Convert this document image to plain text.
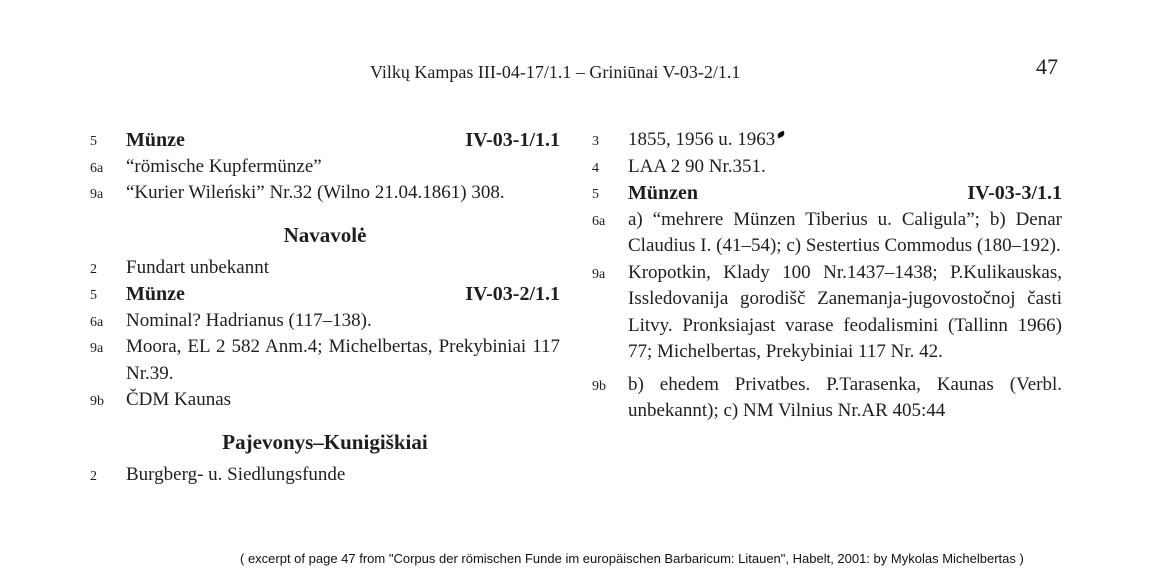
Vilkų Kampas III-04-17/1.1 – Griniūnai V-03-2/1.1	47
5	Münze	IV-03-1/1.1
6a	“römische Kupfermünze”
9a	“Kurier Wileński” Nr.32 (Wilno 21.04.1861) 308.
Navavolė
2	Fundart unbekannt
5	Münze	IV-03-2/1.1
6a	Nominal? Hadrianus (117–138).
9a	Moora, EL 2 582 Anm.4; Michelbertas, Prekybiniai 117 Nr.39.
9b	ČDM Kaunas
Pajevonys–Kunigiškiai
2	Burgberg- u. Siedlungsfunde
3	1855, 1956 u. 1963
4	LAA 2 90 Nr.351.
5	Münzen	IV-03-3/1.1
6a	a) “mehrere Münzen Tiberius u. Caligula”; b) Denar Claudius I. (41–54); c) Sestertius Commodus (180–192).
9a	Kropotkin, Klady 100 Nr.1437–1438; P.Kulikauskas, Issledovanija gorodišč Zanemanja-jugovostočnoj časti Litvy. Pronksiajast varase feodalismini (Tallinn 1966) 77; Michelbertas, Prekybiniai 117 Nr. 42.
9b	b) ehedem Privatbes. P.Tarasenka, Kaunas (Verbl. unbekannt); c) NM Vilnius Nr.AR 405:44
( excerpt of page 47 from "Corpus der römischen Funde im europäischen Barbaricum: Litauen", Habelt, 2001: by Mykolas Michelbertas )
